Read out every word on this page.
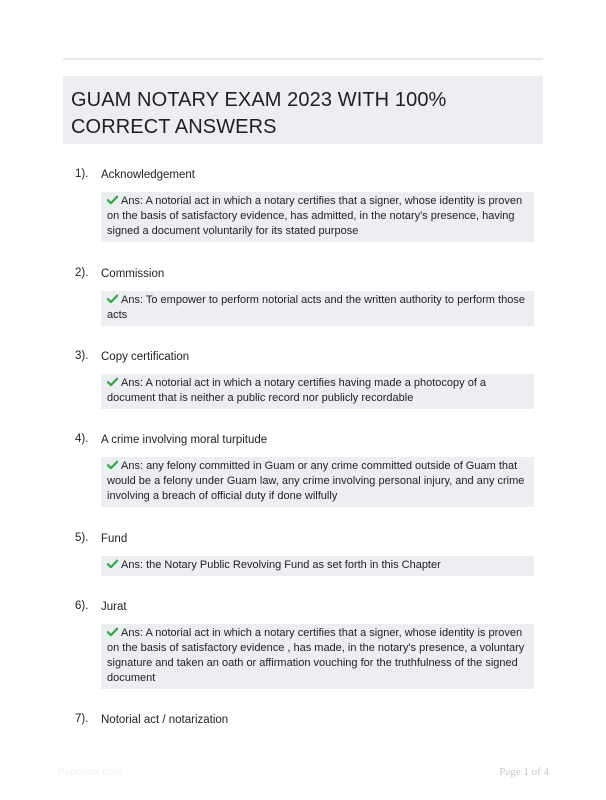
GUAM NOTARY EXAM 2023 WITH 100% CORRECT ANSWERS
1). Acknowledgement
Ans: A notorial act in which a notary certifies that a signer, whose identity is proven on the basis of satisfactory evidence, has admitted, in the notary's presence, having signed a document voluntarily for its stated purpose
2). Commission
Ans: To empower to perform notorial acts and the written authority to perform those acts
3). Copy certification
Ans: A notorial act in which a notary certifies having made a photocopy of a document that is neither a public record nor publicly recordable
4). A crime involving moral turpitude
Ans: any felony committed in Guam or any crime committed outside of Guam that would be a felony under Guam law, any crime involving personal injury, and any crime involving a breach of official duty if done wilfully
5). Fund
Ans: the Notary Public Revolving Fund as set forth in this Chapter
6). Jurat
Ans: A notorial act in which a notary certifies that a signer, whose identity is proven on the basis of satisfactory evidence , has made, in the notary's presence, a voluntary signature and taken an oath or affirmation vouching for the truthfulness of the signed document
7). Notorial act / notarization
Paperlibs.com	Page 1 of 4
